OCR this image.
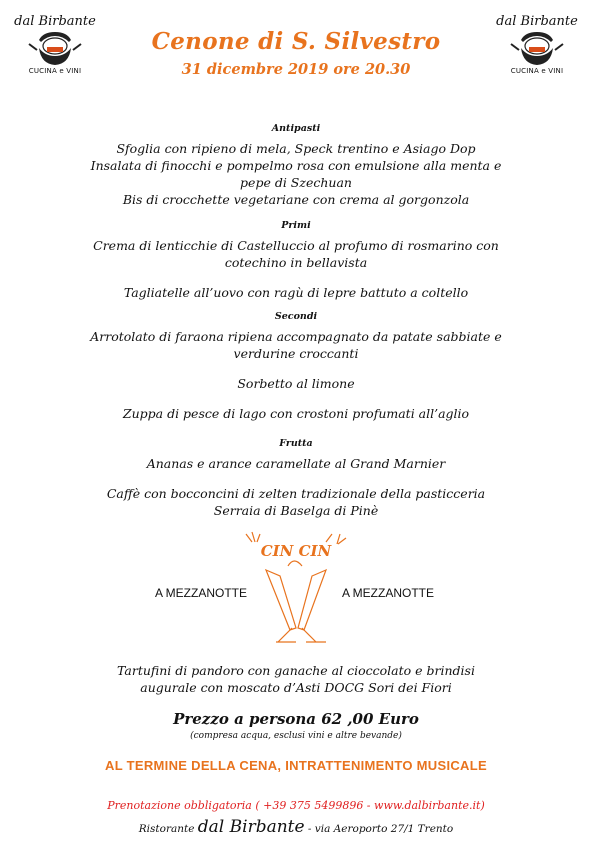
dal Birbante
CUCINA e VINI
dal Birbante
CUCINA e VINI
Cenone di S. Silvestro
31 dicembre 2019 ore 20.30
Antipasti
Sfoglia con ripieno di mela, Speck trentino e Asiago Dop
Insalata di finocchi e pompelmo rosa con emulsione alla menta e
pepe di Szechuan
Bis di crocchette vegetariane con crema al gorgonzola
Primi
Crema di lenticchie di Castelluccio al profumo di rosmarino con
cotechino in bellavista
Tagliatelle all’uovo con ragù di lepre battuto a coltello
Secondi
Arrotolato di faraona ripiena accompagnato da patate sabbiate e
verdurine croccanti
Sorbetto al limone
Zuppa di pesce di lago con crostoni profumati all’aglio
Frutta
Ananas e arance caramellate al Grand Marnier
Caffè con bocconcini di zelten tradizionale della pasticceria
Serraia di Baselga di Pinè
CIN CIN
A MEZZANOTTE	A MEZZANOTTE
Tartufini di pandoro con ganache al cioccolato e brindisi
augurale con moscato d’Asti DOCG Sori dei Fiori
Prezzo a persona 62 ,00 Euro
(compresa acqua, esclusi vini e altre bevande)
AL TERMINE DELLA CENA, INTRATTENIMENTO MUSICALE
Prenotazione obbligatoria ( +39 375 5499896 - www.dalbirbante.it)
Ristorante dal Birbante - via Aeroporto 27/1 Trento
